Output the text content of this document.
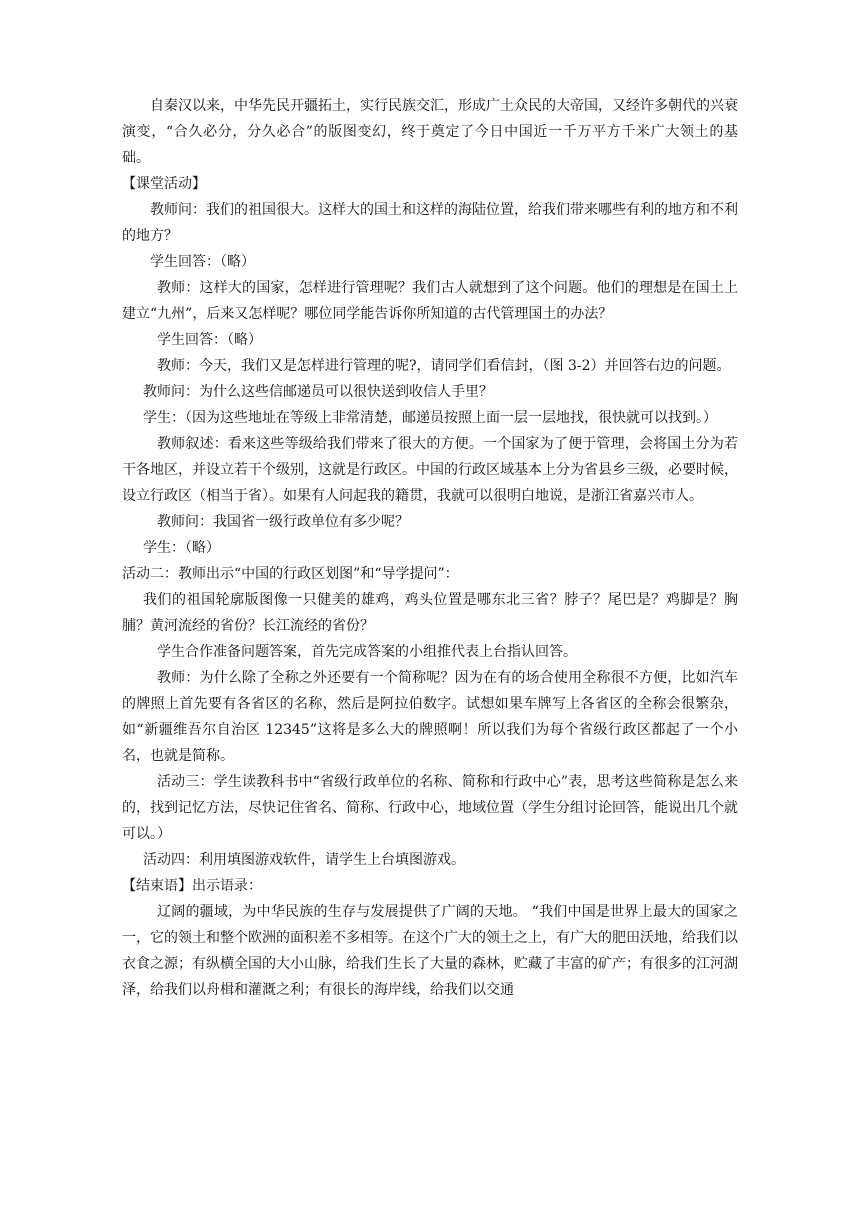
自秦汉以来，中华先民开疆拓土，实行民族交汇，形成广土众民的大帝国，又经许多朝代的兴衰演变，“合久必分，分久必合”的版图变幻，终于奠定了今日中国近一千万平方千米广大领土的基础。

【课堂活动】

教师问：我们的祖国很大。这样大的国土和这样的海陆位置，给我们带来哪些有利的地方和不利的地方？

学生回答：（略）

教师：这样大的国家，怎样进行管理呢？我们古人就想到了这个问题。他们的理想是在国土上建立“九州”，后来又怎样呢？哪位同学能告诉你所知道的古代管理国土的办法？

学生回答：（略）

教师：今天，我们又是怎样进行管理的呢?，请同学们看信封，（图 3-2）并回答右边的问题。

教师问：为什么这些信邮递员可以很快送到收信人手里？

学生：（因为这些地址在等级上非常清楚，邮递员按照上面一层一层地找，很快就可以找到。）

教师叙述：看来这些等级给我们带来了很大的方便。一个国家为了便于管理，会将国土分为若干各地区，并设立若干个级别，这就是行政区。中国的行政区域基本上分为省县乡三级，必要时候，设立行政区（相当于省）。如果有人问起我的籍贯，我就可以很明白地说，是浙江省嘉兴市人。

教师问：我国省一级行政单位有多少呢？

学生：（略）

活动二：教师出示“中国的行政区划图”和“导学提问”：

我们的祖国轮廓版图像一只健美的雄鸡，鸡头位置是哪东北三省？脖子？尾巴是？鸡脚是？胸脯？黄河流经的省份？长江流经的省份？

学生合作准备问题答案，首先完成答案的小组推代表上台指认回答。

教师：为什么除了全称之外还要有一个简称呢？因为在有的场合使用全称很不方便，比如汽车的牌照上首先要有各省区的名称，然后是阿拉伯数字。试想如果车牌写上各省区的全称会很繁杂，如“新疆维吾尔自治区 12345”这将是多么大的牌照啊！所以我们为每个省级行政区都起了一个小名，也就是简称。

活动三：学生读教科书中“省级行政单位的名称、简称和行政中心”表，思考这些简称是怎么来的，找到记忆方法，尽快记住省名、简称、行政中心，地域位置（学生分组讨论回答，能说出几个就可以。）

活动四：利用填图游戏软件，请学生上台填图游戏。

【结束语】出示语录：

辽阔的疆域，为中华民族的生存与发展提供了广阔的天地。 “我们中国是世界上最大的国家之一，它的领土和整个欧洲的面积差不多相等。在这个广大的领土之上，有广大的肥田沃地，给我们以衣食之源；有纵横全国的大小山脉，给我们生长了大量的森林，贮藏了丰富的矿产；有很多的江河湖泽，给我们以舟楫和灌溉之利；有很长的海岸线，给我们以交通
